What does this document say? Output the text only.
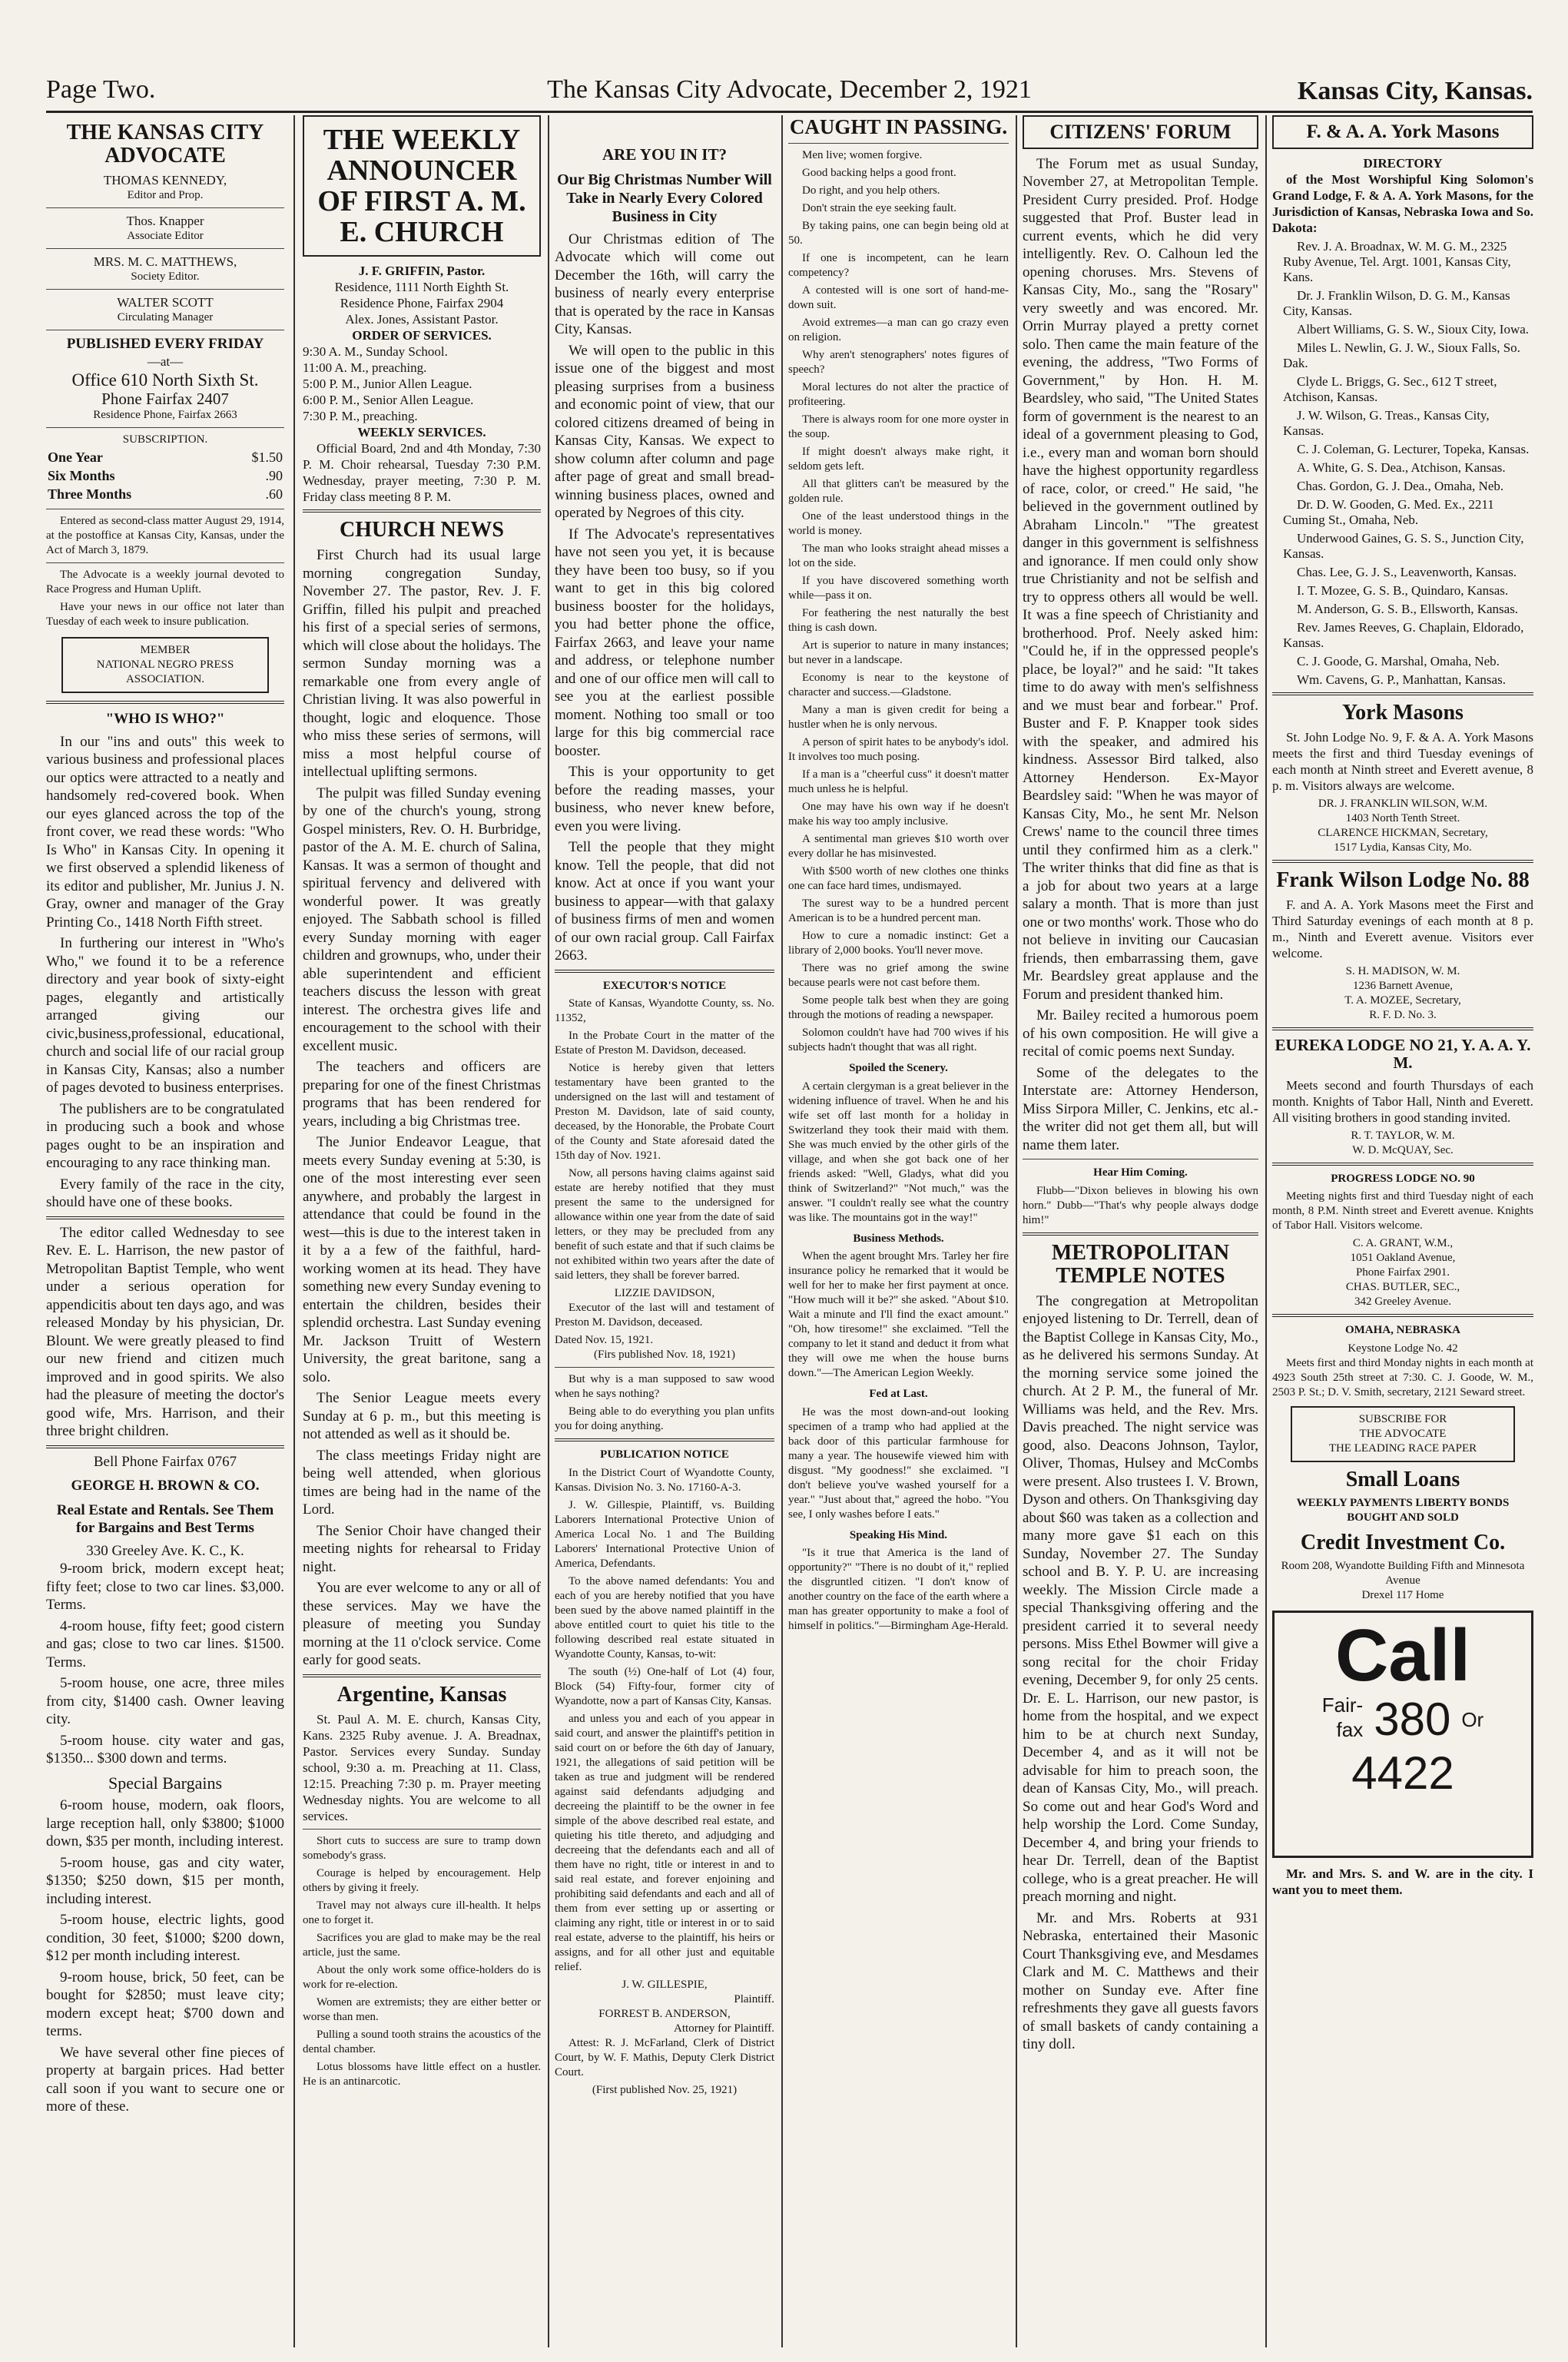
Page Two.	The Kansas City Advocate, December 2, 1921	Kansas City, Kansas.
THE KANSAS CITY ADVOCATE
THOMAS KENNEDY,
Editor and Prop.
Thos. Knapper
Associate Editor
MRS. M. C. MATTHEWS,
Society Editor.
WALTER SCOTT
Circulating Manager
PUBLISHED EVERY FRIDAY
—at—
Office 610 North Sixth St.
Phone Fairfax 2407
Residence Phone, Fairfax 2663
SUBSCRIPTION.
One Year	$1.50
Six Months	.90
Three Months	.60

Entered as second-class matter August 29, 1914, at the postoffice at Kansas City, Kansas, under the Act of March 3, 1879.

The Advocate is a weekly journal devoted to Race Progress and Human Uplift.

Have your news in our office not later than Tuesday of each week to insure publication.

MEMBER
NATIONAL NEGRO PRESS ASSOCIATION.
"WHO IS WHO?"

In our "ins and outs" this week to various business and professional places our optics were attracted to a neatly and handsomely red-covered book. When our eyes glanced across the top of the front cover, we read these words: "Who Is Who" in Kansas City. In opening it we first observed a splendid likeness of its editor and publisher, Mr. Junius J. N. Gray, owner and manager of the Gray Printing Co., 1418 North Fifth street.

In furthering our interest in "Who's Who," we found it to be a reference directory and year book of sixty-eight pages, elegantly and artistically arranged giving our civic,business,professional, educational, church and social life of our racial group in Kansas City, Kansas; also a number of pages devoted to business enterprises.

The publishers are to be congratulated in producing such a book and whose pages ought to be an inspiration and encouraging to any race thinking man.

Every family of the race in the city, should have one of these books.

The editor called Wednesday to see Rev. E. L. Harrison, the new pastor of Metropolitan Baptist Temple, who went under a serious operation for appendicitis about ten days ago, and was released Monday by his physician, Dr. Blount. We were greatly pleased to find our new friend and citizen much improved and in good spirits. We also had the pleasure of meeting the doctor's good wife, Mrs. Harrison, and their three bright children.

Bell Phone Fairfax 0767
GEORGE H. BROWN & CO.
Real Estate and Rentals. See Them for Bargains and Best Terms
330 Greeley Ave. K. C., K.

9-room brick, modern except heat; fifty feet; close to two car lines. $3,000. Terms.

4-room house, fifty feet; good cistern and gas; close to two car lines. $1500. Terms.

5-room house, one acre, three miles from city, $1400 cash. Owner leaving city.

5-room house. city water and gas, $1350... $300 down and terms.

Special Bargains

6-room house, modern, oak floors, large reception hall, only $3800; $1000 down, $35 per month, including interest.

5-room house, gas and city water, $1350; $250 down, $15 per month, including interest.

5-room house, electric lights, good condition, 30 feet, $1000; $200 down, $12 per month including interest.

9-room house, brick, 50 feet, can be bought for $2850; must leave city; modern except heat; $700 down and terms.

We have several other fine pieces of property at bargain prices. Had better call soon if you want to secure one or more of these.

THE WEEKLY ANNOUNCER OF FIRST A. M. E. CHURCH
J. F. GRIFFIN, Pastor.
Residence, 1111 North Eighth St.
Residence Phone, Fairfax 2904
Alex. Jones, Assistant Pastor.
ORDER OF SERVICES.
9:30 A. M., Sunday School.
11:00 A. M., preaching.
5:00 P. M., Junior Allen League.
6:00 P. M., Senior Allen League.
7:30 P. M., preaching.
WEEKLY SERVICES.

Official Board, 2nd and 4th Monday, 7:30 P. M. Choir rehearsal, Tuesday 7:30 P.M. Wednesday, prayer meeting, 7:30 P. M. Friday class meeting 8 P. M.

CHURCH NEWS

First Church had its usual large morning congregation Sunday, November 27. The pastor, Rev. J. F. Griffin, filled his pulpit and preached his first of a special series of sermons, which will close about the holidays. The sermon Sunday morning was a remarkable one from every angle of Christian living. It was also powerful in thought, logic and eloquence. Those who miss these series of sermons, will miss a most helpful course of intellectual uplifting sermons.

The pulpit was filled Sunday evening by one of the church's young, strong Gospel ministers, Rev. O. H. Burbridge, pastor of the A. M. E. church of Salina, Kansas. It was a sermon of thought and spiritual fervency and delivered with wonderful power. It was greatly enjoyed. The Sabbath school is filled every Sunday morning with eager children and grownups, who, under their able superintendent and efficient teachers discuss the lesson with great interest. The orchestra gives life and encouragement to the school with their excellent music.

The teachers and officers are preparing for one of the finest Christmas programs that has been rendered for years, including a big Christmas tree.

The Junior Endeavor League, that meets every Sunday evening at 5:30, is one of the most interesting ever seen anywhere, and probably the largest in attendance that could be found in the west—this is due to the interest taken in it by a a few of the faithful, hard-working women at its head. They have something new every Sunday evening to entertain the children, besides their splendid orchestra. Last Sunday evening Mr. Jackson Truitt of Western University, the great baritone, sang a solo.

The Senior League meets every Sunday at 6 p. m., but this meeting is not attended as well as it should be.

The class meetings Friday night are being well attended, when glorious times are being had in the name of the Lord.

The Senior Choir have changed their meeting nights for rehearsal to Friday night.

You are ever welcome to any or all of these services. May we have the pleasure of meeting you Sunday morning at the 11 o'clock service. Come early for good seats.

Argentine, Kansas

St. Paul A. M. E. church, Kansas City, Kans. 2325 Ruby avenue. J. A. Breadnax, Pastor. Services every Sunday. Sunday school, 9:30 a. m. Preaching at 11. Class, 12:15. Preaching 7:30 p. m. Prayer meeting Wednesday nights. You are welcome to all services.

Short cuts to success are sure to tramp down somebody's grass.

Courage is helped by encouragement. Help others by giving it freely.

Travel may not always cure ill-health. It helps one to forget it.

Sacrifices you are glad to make may be the real article, just the same.

About the only work some office-holders do is work for re-election.

Women are extremists; they are either better or worse than men.

Pulling a sound tooth strains the acoustics of the dental chamber.

Lotus blossoms have little effect on a hustler. He is an antinarcotic.

ARE YOU IN IT?
Our Big Christmas Number Will Take in Nearly Every Colored Business in City

Our Christmas edition of The Advocate which will come out December the 16th, will carry the business of nearly every enterprise that is operated by the race in Kansas City, Kansas.

We will open to the public in this issue one of the biggest and most pleasing surprises from a business and economic point of view, that our colored citizens dreamed of being in Kansas City, Kansas. We expect to show column after column and page after page of great and small bread-winning business places, owned and operated by Negroes of this city.

If The Advocate's representatives have not seen you yet, it is because they have been too busy, so if you want to get in this big colored business booster for the holidays, you had better phone the office, Fairfax 2663, and leave your name and address, or telephone number and one of our office men will call to see you at the earliest possible moment. Nothing too small or too large for this big commercial race booster.

This is your opportunity to get before the reading masses, your business, who never knew before, even you were living.

Tell the people that they might know. Tell the people, that did not know. Act at once if you want your business to appear—with that galaxy of business firms of men and women of our own racial group. Call Fairfax 2663.

EXECUTOR'S NOTICE

State of Kansas, Wyandotte County, ss. No. 11352,

In the Probate Court in the matter of the Estate of Preston M. Davidson, deceased.

Notice is hereby given that letters testamentary have been granted to the undersigned on the last will and testament of Preston M. Davidson, late of said county, deceased, by the Honorable, the Probate Court of the County and State aforesaid dated the 15th day of Nov. 1921.

Now, all persons having claims against said estate are hereby notified that they must present the same to the undersigned for allowance within one year from the date of said letters, or they may be precluded from any benefit of such estate and that if such claims be not exhibited within two years after the date of said letters, they shall be forever barred.

LIZZIE DAVIDSON,

Executor of the last will and testament of Preston M. Davidson, deceased.

Dated Nov. 15, 1921.
(Firs published Nov. 18, 1921)

But why is a man supposed to saw wood when he says nothing?

Being able to do everything you plan unfits you for doing anything.

PUBLICATION NOTICE

In the District Court of Wyandotte County, Kansas. Division No. 3. No. 17160-A-3.

J. W. Gillespie, Plaintiff, vs. Building Laborers International Protective Union of America Local No. 1 and The Building Laborers' International Protective Union of America, Defendants.

To the above named defendants: You and each of you are hereby notified that you have been sued by the above named plaintiff in the above entitled court to quiet his title to the following described real estate situated in Wyandotte County, Kansas, to-wit:

The south (½) One-half of Lot (4) four, Block (54) Fifty-four, former city of Wyandotte, now a part of Kansas City, Kansas.

and unless you and each of you appear in said court, and answer the plaintiff's petition in said court on or before the 6th day of January, 1921, the allegations of said petition will be taken as true and judgment will be rendered against said defendants adjudging and decreeing the plaintiff to be the owner in fee simple of the above described real estate, and quieting his title thereto, and adjudging and decreeing that the defendants each and all of them have no right, title or interest in and to said real estate, and forever enjoining and prohibiting said defendants and each and all of them from ever setting up or asserting or claiming any right, title or interest in or to said real estate, adverse to the plaintiff, his heirs or assigns, and for all other just and equitable relief.

J. W. GILLESPIE,
Plaintiff.
FORREST B. ANDERSON,
Attorney for Plaintiff.

Attest: R. J. McFarland, Clerk of District Court, by W. F. Mathis, Deputy Clerk District Court.

(First published Nov. 25, 1921)
CAUGHT IN PASSING.

Men live; women forgive.

Good backing helps a good front.

Do right, and you help others.

Don't strain the eye seeking fault.

By taking pains, one can begin being old at 50.

If one is incompetent, can he learn competency?

A contested will is one sort of hand-me-down suit.

Avoid extremes—a man can go crazy even on religion.

Why aren't stenographers' notes figures of speech?

Moral lectures do not alter the practice of profiteering.

There is always room for one more oyster in the soup.

If might doesn't always make right, it seldom gets left.

All that glitters can't be measured by the golden rule.

One of the least understood things in the world is money.

The man who looks straight ahead misses a lot on the side.

If you have discovered something worth while—pass it on.

For feathering the nest naturally the best thing is cash down.

Art is superior to nature in many instances; but never in a landscape.

Economy is near to the keystone of character and success.—Gladstone.

Many a man is given credit for being a hustler when he is only nervous.

A person of spirit hates to be anybody's idol. It involves too much posing.

If a man is a "cheerful cuss" it doesn't matter much unless he is helpful.

One may have his own way if he doesn't make his way too amply inclusive.

A sentimental man grieves $10 worth over every dollar he has misinvested.

With $500 worth of new clothes one thinks one can face hard times, undismayed.

The surest way to be a hundred percent American is to be a hundred percent man.

How to cure a nomadic instinct: Get a library of 2,000 books. You'll never move.

There was no grief among the swine because pearls were not cast before them.

Some people talk best when they are going through the motions of reading a newspaper.

Solomon couldn't have had 700 wives if his subjects hadn't thought that was all right.

Spoiled the Scenery.

A certain clergyman is a great believer in the widening influence of travel. When he and his wife set off last month for a holiday in Switzerland they took their maid with them. She was much envied by the other girls of the village, and when she got back one of her friends asked: "Well, Gladys, what did you think of Switzerland?" "Not much," was the answer. "I couldn't really see what the country was like. The mountains got in the way!"

Business Methods.

When the agent brought Mrs. Tarley her fire insurance policy he remarked that it would be well for her to make her first payment at once. "How much will it be?" she asked. "About $10. Wait a minute and I'll find the exact amount." "Oh, how tiresome!" she exclaimed. "Tell the company to let it stand and deduct it from what they will owe me when the house burns down."—The American Legion Weekly.

Fed at Last.

He was the most down-and-out looking specimen of a tramp who had applied at the back door of this particular farmhouse for many a year. The housewife viewed him with disgust. "My goodness!" she exclaimed. "I don't believe you've washed yourself for a year." "Just about that," agreed the hobo. "You see, I only washes before I eats."

Speaking His Mind.

"Is it true that America is the land of opportunity?" "There is no doubt of it," replied the disgruntled citizen. "I don't know of another country on the face of the earth where a man has greater opportunity to make a fool of himself in politics."—Birmingham Age-Herald.

CITIZENS' FORUM

The Forum met as usual Sunday, November 27, at Metropolitan Temple. President Curry presided. Prof. Hodge suggested that Prof. Buster lead in current events, which he did very intelligently. Rev. O. Calhoun led the opening choruses. Mrs. Stevens of Kansas City, Mo., sang the "Rosary" very sweetly and was encored. Mr. Orrin Murray played a pretty cornet solo. Then came the main feature of the evening, the address, "Two Forms of Government," by Hon. H. M. Beardsley, who said, "The United States form of government is the nearest to an ideal of a government pleasing to God, i.e., every man and woman born should have the highest opportunity regardless of race, color, or creed." He said, "he believed in the government outlined by Abraham Lincoln." "The greatest danger in this government is selfishness and ignorance. If men could only show true Christianity and not be selfish and try to oppress others all would be well. It was a fine speech of Christianity and brotherhood. Prof. Neely asked him: "Could he, if in the oppressed people's place, be loyal?" and he said: "It takes time to do away with men's selfishness and we must bear and forbear." Prof. Buster and F. P. Knapper took sides with the speaker, and admired his kindness. Assessor Bird talked, also Attorney Henderson. Ex-Mayor Beardsley said: "When he was mayor of Kansas City, Mo., he sent Mr. Nelson Crews' name to the council three times until they confirmed him as a clerk." The writer thinks that did fine as that is a job for about two years at a large salary a month. That is more than just one or two months' work. Those who do not believe in inviting our Caucasian friends, then embarrassing them, gave Mr. Beardsley great applause and the Forum and president thanked him.

Mr. Bailey recited a humorous poem of his own composition. He will give a recital of comic poems next Sunday.

Some of the delegates to the Interstate are: Attorney Henderson, Miss Sirpora Miller, C. Jenkins, etc al.- the writer did not get them all, but will name them later.

Hear Him Coming.

Flubb—"Dixon believes in blowing his own horn." Dubb—"That's why people always dodge him!"

METROPOLITAN TEMPLE NOTES

The congregation at Metropolitan enjoyed listening to Dr. Terrell, dean of the Baptist College in Kansas City, Mo., as he delivered his sermons Sunday. At the morning service some joined the church. At 2 P. M., the funeral of Mr. Williams was held, and the Rev. Mrs. Davis preached. The night service was good, also. Deacons Johnson, Taylor, Oliver, Thomas, Hulsey and McCombs were present. Also trustees I. V. Brown, Dyson and others. On Thanksgiving day about $60 was taken as a collection and many more gave $1 each on this Sunday, November 27. The Sunday school and B. Y. P. U. are increasing weekly. The Mission Circle made a special Thanksgiving offering and the president carried it to several needy persons. Miss Ethel Bowmer will give a song recital for the choir Friday evening, December 9, for only 25 cents. Dr. E. L. Harrison, our new pastor, is home from the hospital, and we expect him to be at church next Sunday, December 4, and as it will not be advisable for him to preach soon, the dean of Kansas City, Mo., will preach. So come out and hear God's Word and help worship the Lord. Come Sunday, December 4, and bring your friends to hear Dr. Terrell, dean of the Baptist college, who is a great preacher. He will preach morning and night.

Mr. and Mrs. Roberts at 931 Nebraska, entertained their Masonic Court Thanksgiving eve, and Mesdames Clark and M. C. Matthews and their mother on Sunday eve. After fine refreshments they gave all guests favors of small baskets of candy containing a tiny doll.

F. & A. A. York Masons
DIRECTORY

of the Most Worshipful King Solomon's Grand Lodge, F. & A. A. York Masons, for the Jurisdiction of Kansas, Nebraska Iowa and So. Dakota:

Rev. J. A. Broadnax, W. M. G. M., 2325 Ruby Avenue, Tel. Argt. 1001, Kansas City, Kans.

Dr. J. Franklin Wilson, D. G. M., Kansas City, Kansas.

Albert Williams, G. S. W., Sioux City, Iowa.

Miles L. Newlin, G. J. W., Sioux Falls, So. Dak.

Clyde L. Briggs, G. Sec., 612 T street, Atchison, Kansas.

J. W. Wilson, G. Treas., Kansas City, Kansas.

C. J. Coleman, G. Lecturer, Topeka, Kansas.

A. White, G. S. Dea., Atchison, Kansas.

Chas. Gordon, G. J. Dea., Omaha, Neb.

Dr. D. W. Gooden, G. Med. Ex., 2211 Cuming St., Omaha, Neb.

Underwood Gaines, G. S. S., Junction City, Kansas.

Chas. Lee, G. J. S., Leavenworth, Kansas.

I. T. Mozee, G. S. B., Quindaro, Kansas.

M. Anderson, G. S. B., Ellsworth, Kansas.

Rev. James Reeves, G. Chaplain, Eldorado, Kansas.

C. J. Goode, G. Marshal, Omaha, Neb.

Wm. Cavens, G. P., Manhattan, Kansas.

York Masons

St. John Lodge No. 9, F. & A. A. York Masons meets the first and third Tuesday evenings of each month at Ninth street and Everett avenue, 8 p. m. Visitors always are welcome.

DR. J. FRANKLIN WILSON, W.M.
1403 North Tenth Street.
CLARENCE HICKMAN, Secretary,
1517 Lydia, Kansas City, Mo.
Frank Wilson Lodge No. 88

F. and A. A. York Masons meet the First and Third Saturday evenings of each month at 8 p. m., Ninth and Everett avenue. Visitors ever welcome.

S. H. MADISON, W. M.
1236 Barnett Avenue,
T. A. MOZEE, Secretary,
R. F. D. No. 3.
EUREKA LODGE NO 21, Y. A. A. Y. M.

Meets second and fourth Thursdays of each month. Knights of Tabor Hall, Ninth and Everett. All visiting brothers in good standing invited.

R. T. TAYLOR, W. M.
W. D. McQUAY, Sec.
PROGRESS LODGE NO. 90

Meeting nights first and third Tuesday night of each month, 8 P.M. Ninth street and Everett avenue. Knights of Tabor Hall. Visitors welcome.

C. A. GRANT, W.M.,
1051 Oakland Avenue,
Phone Fairfax 2901.
CHAS. BUTLER, SEC.,
342 Greeley Avenue.
OMAHA, NEBRASKA
Keystone Lodge No. 42

Meets first and third Monday nights in each month at 4923 South 25th street at 7:30. C. J. Goode, W. M., 2503 P. St.; D. V. Smith, secretary, 2121 Seward street.

SUBSCRIBE FOR
THE ADVOCATE
THE LEADING RACE PAPER
Small Loans
WEEKLY PAYMENTS LIBERTY BONDS BOUGHT AND SOLD
Credit Investment Co.
Room 208, Wyandotte Building Fifth and Minnesota Avenue
Drexel 117 Home
Call
Fair-
fax 380 Or
4422

Mr. and Mrs. S. and W. are in the city. I want you to meet them.
